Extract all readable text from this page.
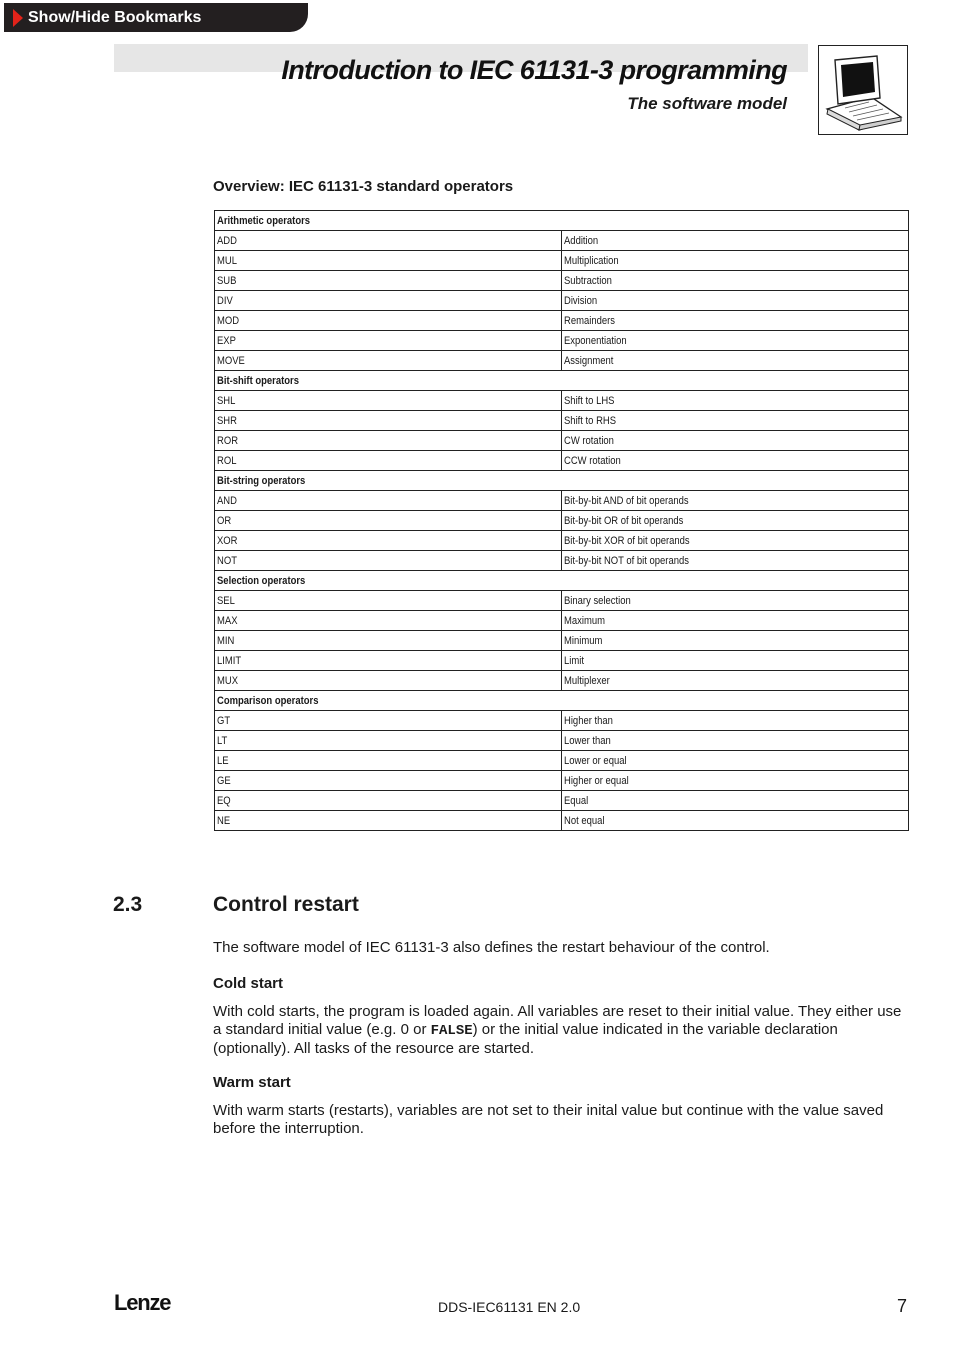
Show/Hide Bookmarks
Introduction to IEC 61131-3 programming
The software model
Overview: IEC 61131-3 standard operators
Arithmetic operators	
ADD	Addition
MUL	Multiplication
SUB	Subtraction
DIV	Division
MOD	Remainders
EXP	Exponentiation
MOVE	Assignment
Bit-shift operators	
SHL	Shift to LHS
SHR	Shift to RHS
ROR	CW rotation
ROL	CCW rotation
Bit-string operators	
AND	Bit-by-bit AND of bit operands
OR	Bit-by-bit OR of bit operands
XOR	Bit-by-bit XOR of bit operands
NOT	Bit-by-bit NOT of bit operands
Selection operators	
SEL	Binary selection
MAX	Maximum
MIN	Minimum
LIMIT	Limit
MUX	Multiplexer
Comparison operators	
GT	Higher than
LT	Lower than
LE	Lower or equal
GE	Higher or equal
EQ	Equal
NE	Not equal
2.3	Control restart

The software model of IEC 61131-3 also defines the restart behaviour of the control.

Cold start

With cold starts, the program is loaded again. All variables are reset to their initial value. They either use a standard initial value (e.g. 0 or FALSE) or the initial value indicated in the variable declaration (optionally). All tasks of the resource are started.

Warm start

With warm starts (restarts), variables are not set to their inital value but continue with the value saved before the interruption.

Lenze	DDS-IEC61131 EN 2.0	7
